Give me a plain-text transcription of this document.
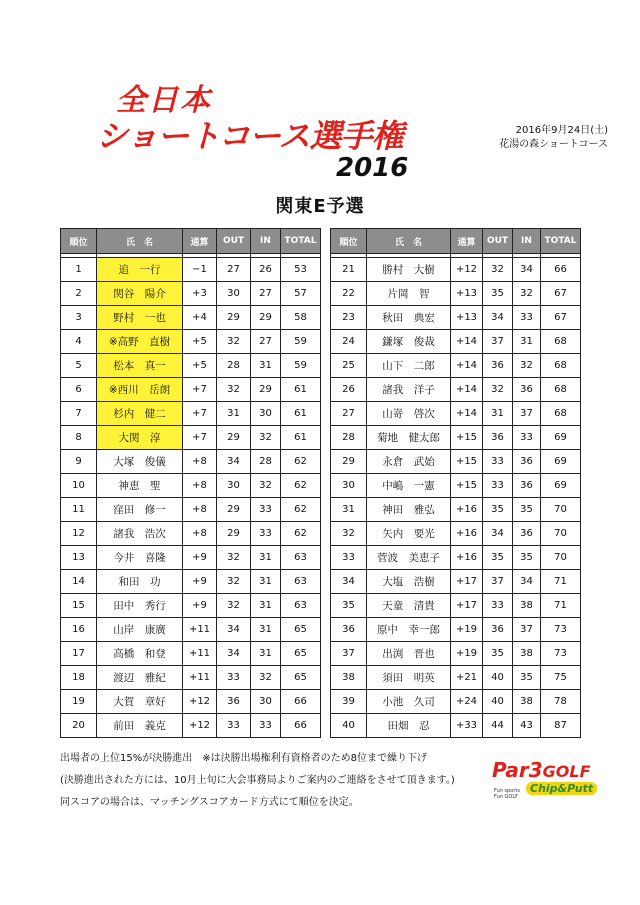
全日本
ショートコース選手権
2016
2016年9月24日(土)
花湯の森ショートコース
関東E予選
順位	氏　名	通算	OUT	IN	TOTAL

1	追　一行	−1	27	26	53
2	関谷　陽介	+3	30	27	57
3	野村　一也	+4	29	29	58
4	※高野　直樹	+5	32	27	59
5	松本　真一	+5	28	31	59
6	※西川　岳朗	+7	32	29	61
7	杉内　健二	+7	31	30	61
8	大関　淳	+7	29	32	61
9	大塚　俊儀	+8	34	28	62
10	神恵　聖	+8	30	32	62
11	窪田　修一	+8	29	33	62
12	諸我　浩次	+8	29	33	62
13	今井　喜隆	+9	32	31	63
14	和田　功	+9	32	31	63
15	田中　秀行	+9	32	31	63
16	山岸　康廣	+11	34	31	65
17	高橋　和登	+11	34	31	65
18	渡辺　雅紀	+11	33	32	65
19	大賀　章好	+12	36	30	66
20	前田　義克	+12	33	33	66
順位	氏　名	通算	OUT	IN	TOTAL

21	勝村　大樹	+12	32	34	66
22	片岡　智	+13	35	32	67
23	秋田　典宏	+13	34	33	67
24	鎌塚　俊裁	+14	37	31	68
25	山下　二郎	+14	36	32	68
26	諸我　洋子	+14	32	36	68
27	山嵜　啓次	+14	31	37	68
28	菊地　健太郎	+15	36	33	69
29	永倉　武始	+15	33	36	69
30	中嶋　一憲	+15	33	36	69
31	神田　雅弘	+16	35	35	70
32	矢内　要光	+16	34	36	70
33	菅波　美恵子	+16	35	35	70
34	大塩　浩樹	+17	37	34	71
35	天童　清貴	+17	33	38	71
36	原中　幸一郎	+19	36	37	73
37	出渕　晋也	+19	35	38	73
38	須田　明英	+21	40	35	75
39	小池　久司	+24	40	38	78
40	田畑　忍	+33	44	43	87
出場者の上位15%が決勝進出　※は決勝出場権利有資格者のため8位まで繰り下げ
(決勝進出された方には、10月上旬に大会事務局よりご案内のご連絡をさせて頂きます。)
同スコアの場合は、マッチングスコアカード方式にて順位を決定。
Par3GOLF
Fun sports Fun GOLF
Chip&Putt
